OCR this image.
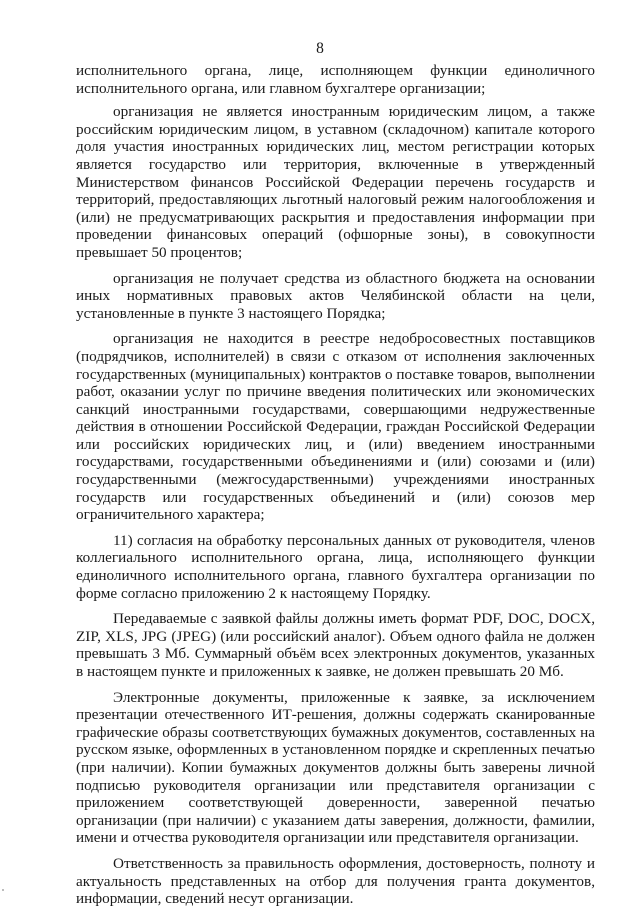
8

исполнительного органа, лице, исполняющем функции единоличного исполнительного органа, или главном бухгалтере организации;

организация не является иностранным юридическим лицом, а также российским юридическим лицом, в уставном (складочном) капитале которого доля участия иностранных юридических лиц, местом регистрации которых является государство или территория, включенные в утвержденный Министерством финансов Российской Федерации перечень государств и территорий, предоставляющих льготный налоговый режим налогообложения и (или) не предусматривающих раскрытия и предоставления информации при проведении финансовых операций (офшорные зоны), в совокупности превышает 50 процентов;

организация не получает средства из областного бюджета на основании иных нормативных правовых актов Челябинской области на цели, установленные в пункте 3 настоящего Порядка;

организация не находится в реестре недобросовестных поставщиков (подрядчиков, исполнителей) в связи с отказом от исполнения заключенных государственных (муниципальных) контрактов о поставке товаров, выполнении работ, оказании услуг по причине введения политических или экономических санкций иностранными государствами, совершающими недружественные действия в отношении Российской Федерации, граждан Российской Федерации или российских юридических лиц, и (или) введением иностранными государствами, государственными объединениями и (или) союзами и (или) государственными (межгосударственными) учреждениями иностранных государств или государственных объединений и (или) союзов мер ограничительного характера;

11) согласия на обработку персональных данных от руководителя, членов коллегиального исполнительного органа, лица, исполняющего функции единоличного исполнительного органа, главного бухгалтера организации по форме согласно приложению 2 к настоящему Порядку.

Передаваемые с заявкой файлы должны иметь формат PDF, DOC, DOCX, ZIP, XLS, JPG (JPEG) (или российский аналог). Объем одного файла не должен превышать 3 Мб. Суммарный объём всех электронных документов, указанных в настоящем пункте и приложенных к заявке, не должен превышать 20 Мб.

Электронные документы, приложенные к заявке, за исключением презентации отечественного ИТ-решения, должны содержать сканированные графические образы соответствующих бумажных документов, составленных на русском языке, оформленных в установленном порядке и скрепленных печатью (при наличии). Копии бумажных документов должны быть заверены личной подписью руководителя организации или представителя организации с приложением соответствующей доверенности, заверенной печатью организации (при наличии) с указанием даты заверения, должности, фамилии, имени и отчества руководителя организации или представителя организации.

Ответственность за правильность оформления, достоверность, полноту и актуальность представленных на отбор для получения гранта документов, информации, сведений несут организации.
